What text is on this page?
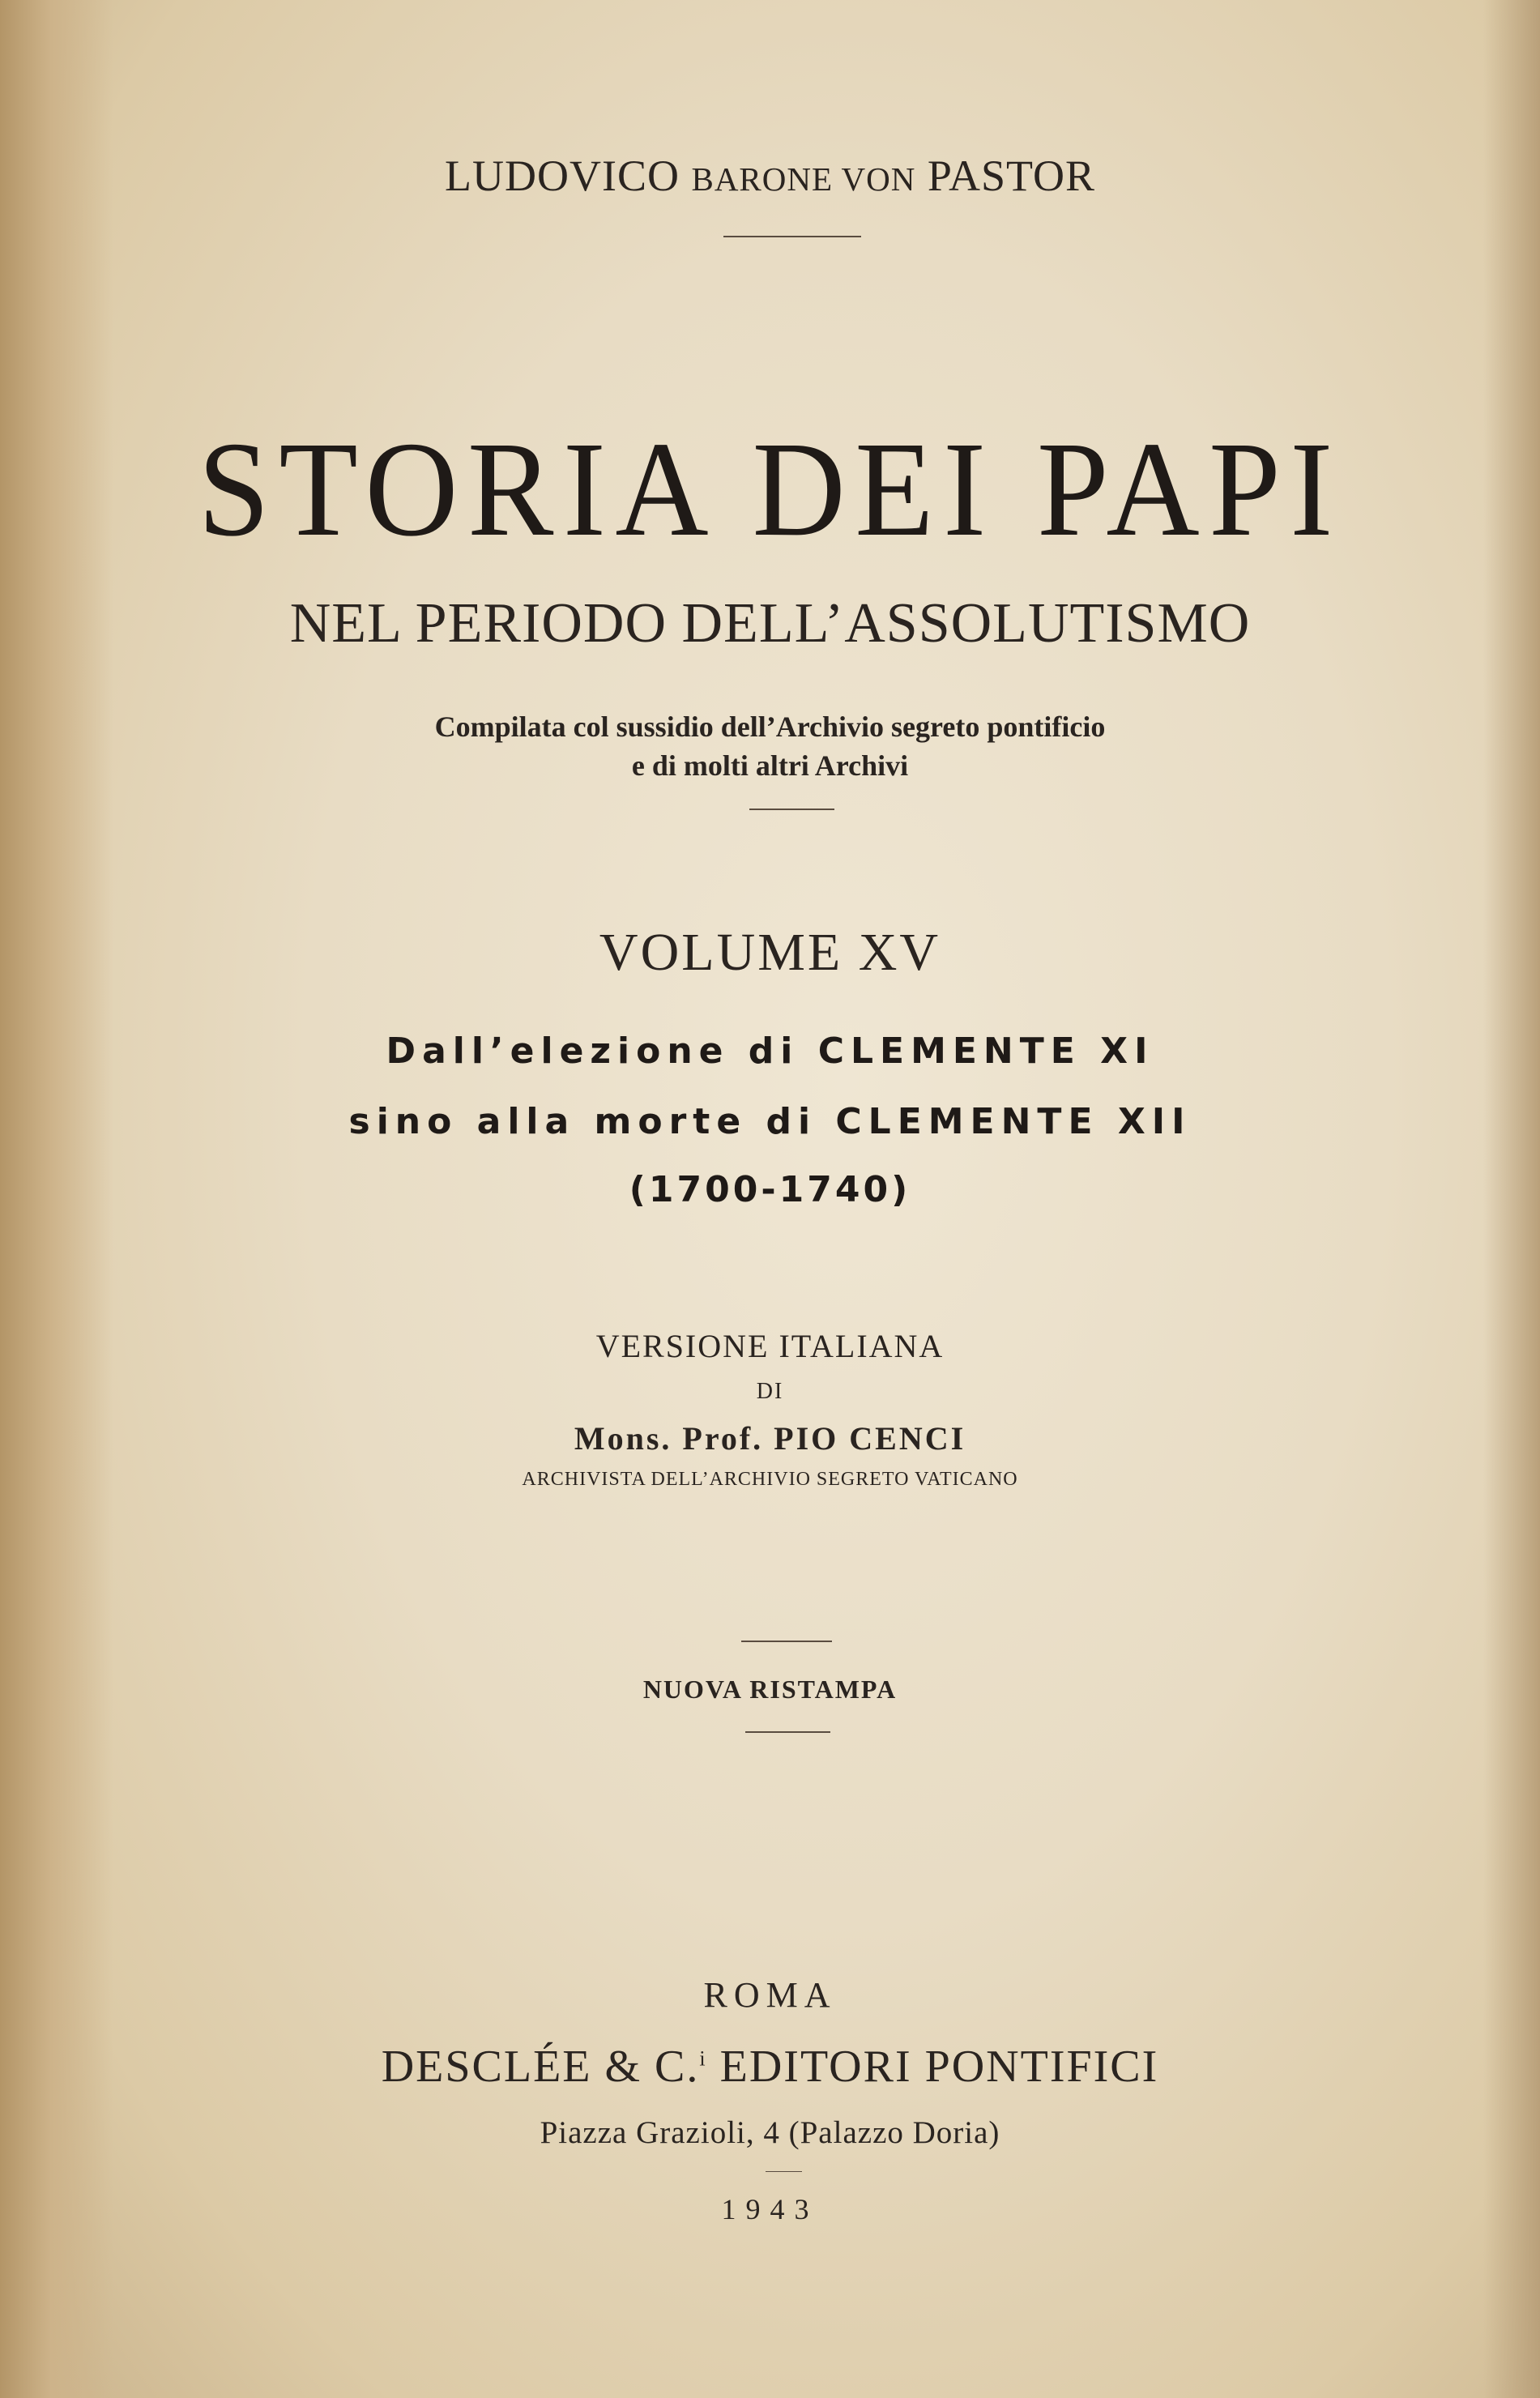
LUDOVICO BARONE VON PASTOR
STORIA DEI PAPI
NEL PERIODO DELL’ASSOLUTISMO
Compilata col sussidio dell’Archivio segreto pontificio
e di molti altri Archivi
VOLUME XV
Dall’elezione di CLEMENTE XI
sino alla morte di CLEMENTE XII
(1700-1740)
VERSIONE ITALIANA
DI
Mons. Prof. PIO CENCI
ARCHIVISTA DELL’ARCHIVIO SEGRETO VATICANO
NUOVA RISTAMPA
ROMA
DESCLÉE & C.$^i$ EDITORI PONTIFICI
Piazza Grazioli, 4 (Palazzo Doria)
1943
